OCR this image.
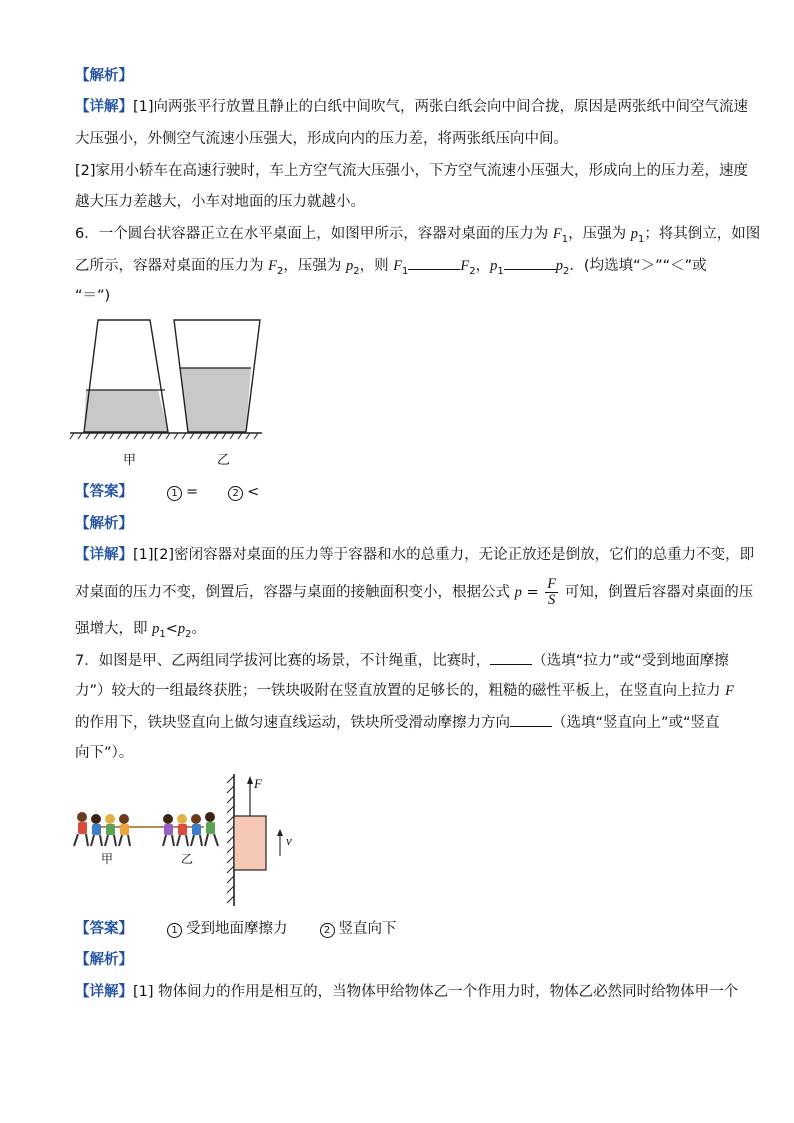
【解析】
【详解】[1]向两张平行放置且静止的白纸中间吹气，两张白纸会向中间合拢，原因是两张纸中间空气流速
大压强小，外侧空气流速小压强大，形成向内的压力差，将两张纸压向中间。
[2]家用小轿车在高速行驶时，车上方空气流大压强小，下方空气流速小压强大，形成向上的压力差，速度
越大压力差越大，小车对地面的压力就越小。
6．一个圆台状容器正立在水平桌面上，如图甲所示，容器对桌面的压力为 $F_1$，压强为 $p_1$；将其倒立，如图
乙所示，容器对桌面的压力为 $F_2$，压强为 $p_2$，则 $F_1$	$F_2$，$p_1$	$p_2$．(均选填“＞”“＜”或
“＝”)
甲	乙
【答案】	1 =	2 <
【解析】
【详解】[1][2]密闭容器对桌面的压力等于容器和水的总重力，无论正放还是倒放，它们的总重力不变，即
对桌面的压力不变，倒置后，容器与桌面的接触面积变小，根据公式 $p = \frac{F}{S}$ 可知，倒置后容器对桌面的压
强增大，即 $p_1<p_2$。
7．如图是甲、乙两组同学拔河比赛的场景，不计绳重，比赛时，	（选填“拉力”或“受到地面摩擦
力”）较大的一组最终获胜；一铁块吸附在竖直放置的足够长的，粗糙的磁性平板上，在竖直向上拉力 F
的作用下，铁块竖直向上做匀速直线运动，铁块所受滑动摩擦力方向	（选填“竖直向上”或“竖直
向下”）。
甲	乙
F
v
【答案】	1 受到地面摩擦力	2 竖直向下
【解析】
【详解】[1] 物体间力的作用是相互的，当物体甲给物体乙一个作用力时，物体乙必然同时给物体甲一个
